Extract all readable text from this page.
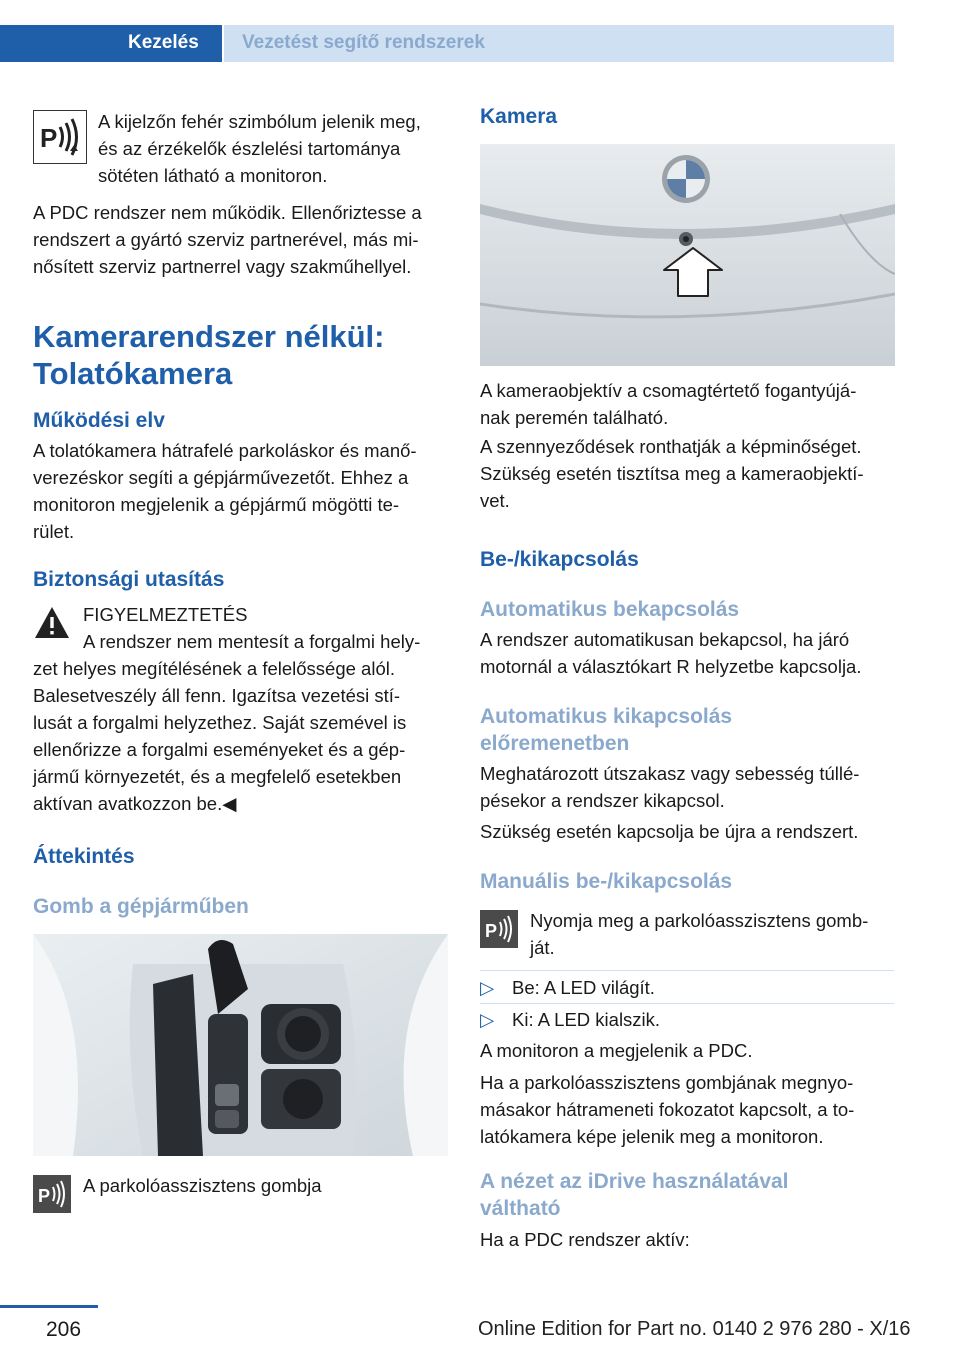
Kezelés Vezetést segítő rendszerek
P

A kijelzőn fehér szimbólum jelenik meg,

és az érzékelők észlelési tartománya

sötéten látható a monitoron.

A PDC rendszer nem működik. Ellenőriztesse a

rendszert a gyártó szerviz partnerével, más mi‐

nősített szerviz partnerrel vagy szakműhellyel.

Kamerarendszer nélkül:

Tolatókamera

Működési elv

A tolatókamera hátrafelé parkoláskor és manő‐

verezéskor segíti a gépjárművezetőt. Ehhez a

monitoron megjelenik a gépjármű mögötti te‐

rület.

Biztonsági utasítás

FIGYELMEZTETÉS

A rendszer nem mentesít a forgalmi hely‐

zet helyes megítélésének a felelőssége alól.

Balesetveszély áll fenn. Igazítsa vezetési stí‐

lusát a forgalmi helyzethez. Saját szemével is

ellenőrizze a forgalmi eseményeket és a gép‐

jármű környezetét, és a megfelelő esetekben

aktívan avatkozzon be.◀

Áttekintés
Gomb a gépjárműben
P A parkolóasszisztens gombja
Kamera

A kameraobjektív a csomagtértető fogantyújá‐

nak peremén található.

A szennyeződések ronthatják a képminőséget.

Szükség esetén tisztítsa meg a kameraobjektí‐

vet.

Be-/kikapcsolás
Automatikus bekapcsolás

A rendszer automatikusan bekapcsol, ha járó

motornál a választókart R helyzetbe kapcsolja.

Automatikus kikapcsolás

előremenetben

Meghatározott útszakasz vagy sebesség túllé‐

pésekor a rendszer kikapcsol.

Szükség esetén kapcsolja be újra a rendszert.
Manuális be-/kikapcsolás
P Nyomja meg a parkolóasszisztens gomb‐

ját.

▷ Be: A LED világít.
▷ Ki: A LED kialszik.
A monitoron a megjelenik a PDC.

Ha a parkolóasszisztens gombjának megnyo‐

másakor hátrameneti fokozatot kapcsolt, a to‐

latókamera képe jelenik meg a monitoron.

A nézet az iDrive használatával

váltható

Ha a PDC rendszer aktív:
206	Online Edition for Part no. 0140 2 976 280 - X/16
